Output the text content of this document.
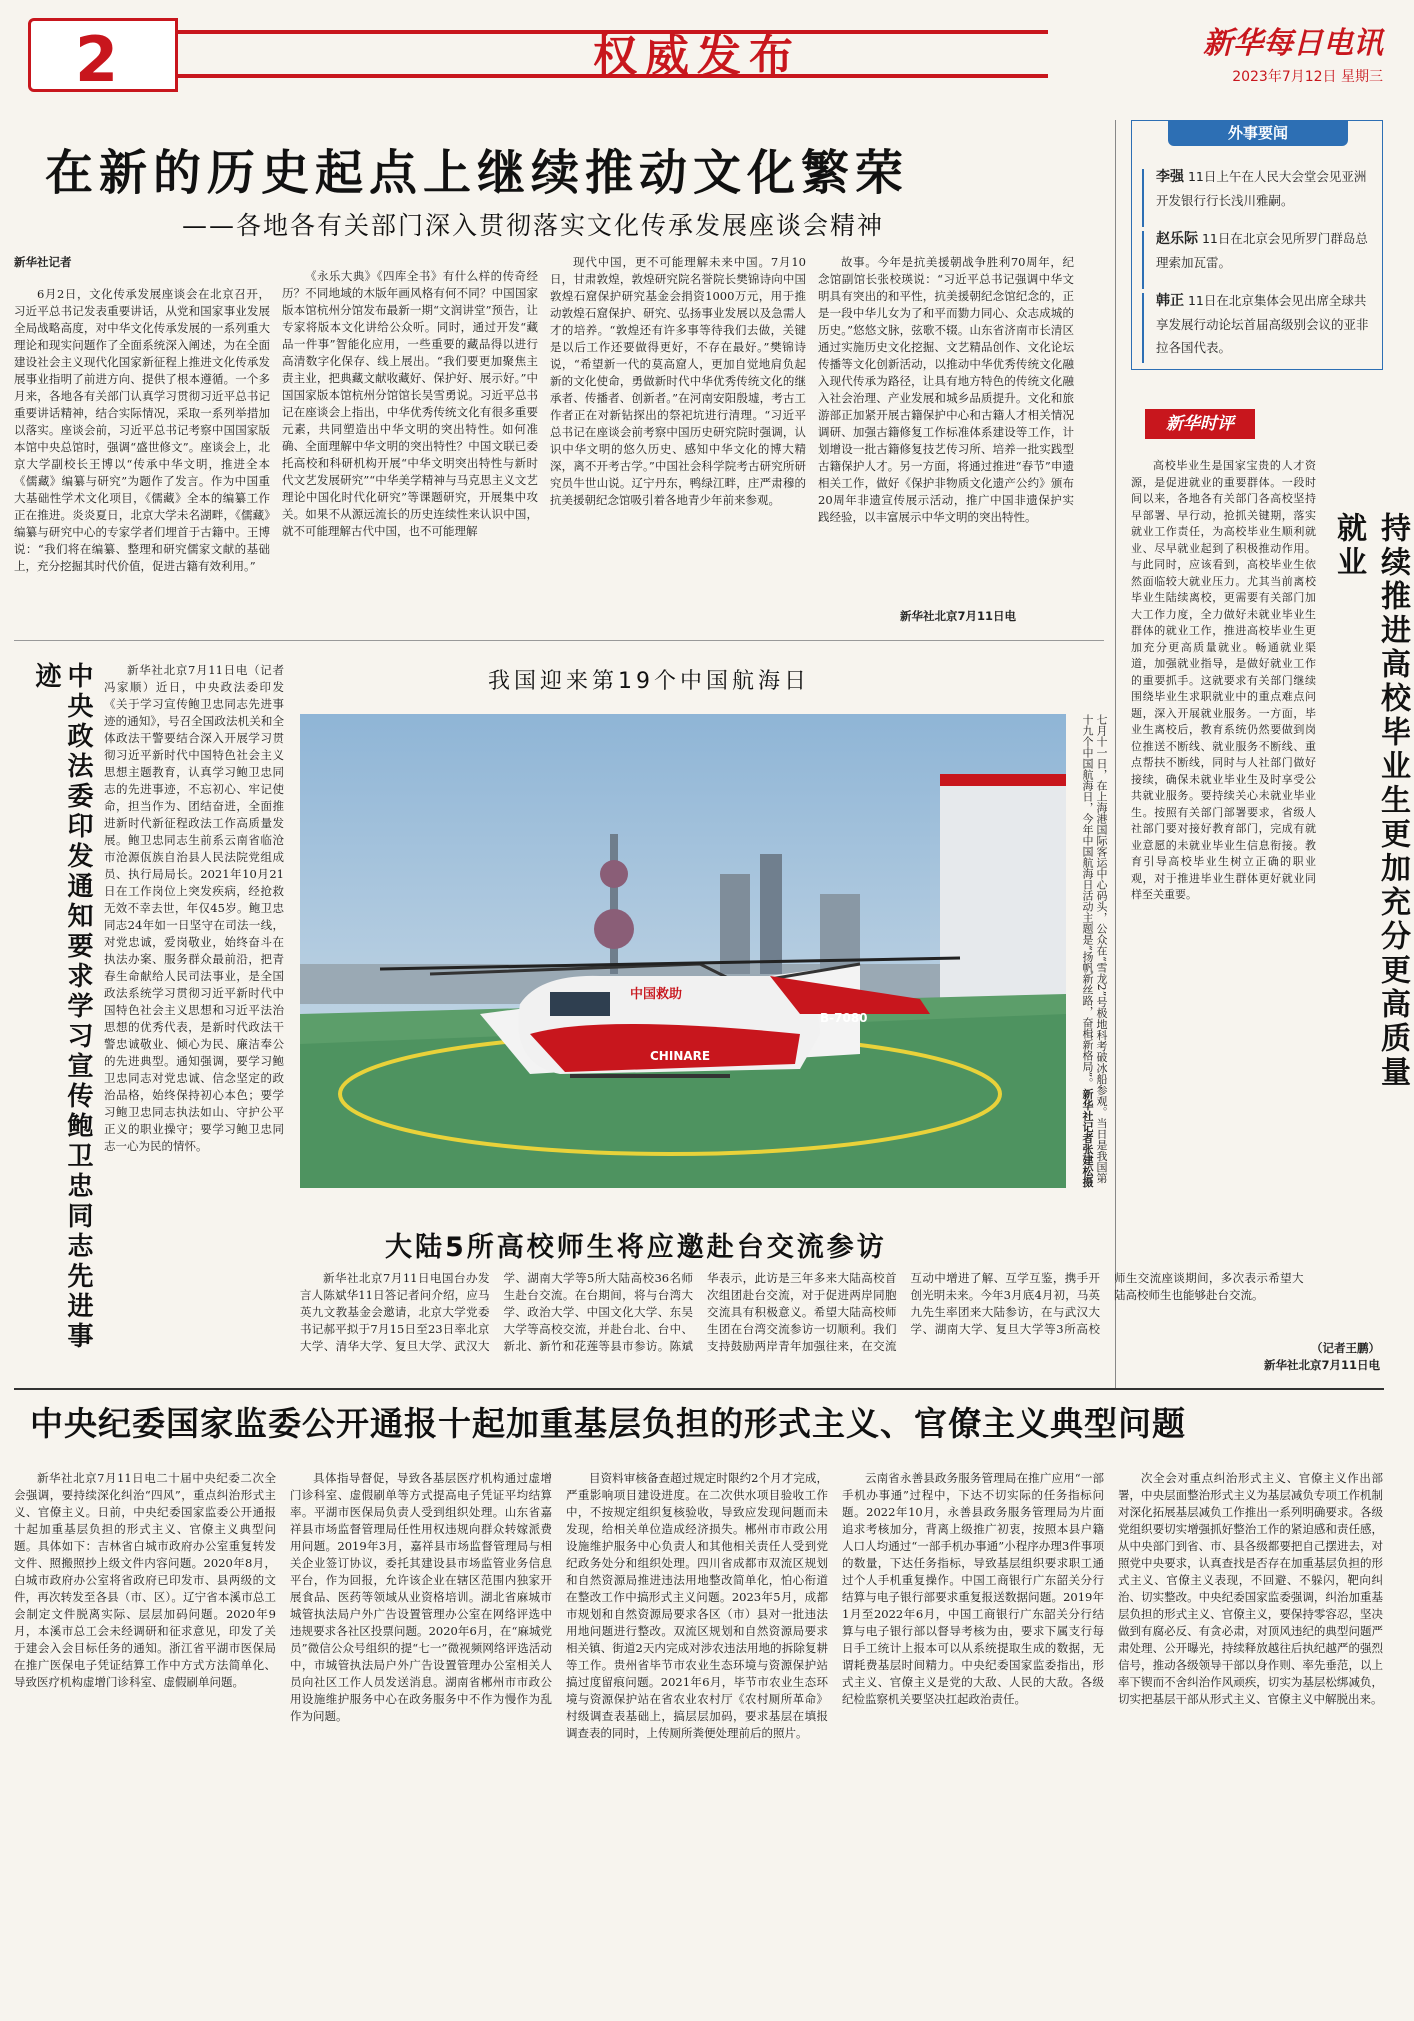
2	权威发布	新华每日电讯
2023年7月12日 星期三
在新的历史起点上继续推动文化繁荣
——各地各有关部门深入贯彻落实文化传承发展座谈会精神
新华社记者

6月2日，文化传承发展座谈会在北京召开，习近平总书记发表重要讲话，从党和国家事业发展全局战略高度，对中华文化传承发展的一系列重大理论和现实问题作了全面系统深入阐述，为在全面建设社会主义现代化国家新征程上推进文化传承发展事业指明了前进方向、提供了根本遵循。一个多月来，各地各有关部门认真学习贯彻习近平总书记重要讲话精神，结合实际情况，采取一系列举措加以落实。座谈会前，习近平总书记考察中国国家版本馆中央总馆时，强调“盛世修文”。座谈会上，北京大学副校长王博以“传承中华文明，推进全本《儒藏》编纂与研究”为题作了发言。作为中国重大基础性学术文化项目，《儒藏》全本的编纂工作正在推进。炎炎夏日，北京大学未名湖畔，《儒藏》编纂与研究中心的专家学者们埋首于古籍中。王博说：“我们将在编纂、整理和研究儒家文献的基础上，充分挖掘其时代价值，促进古籍有效利用。”

《永乐大典》《四库全书》有什么样的传奇经历？不同地域的木版年画风格有何不同？中国国家版本馆杭州分馆发布最新一期“文润讲堂”预告，让专家将版本文化讲给公众听。同时，通过开发“藏品一件事”智能化应用，一些重要的藏品得以进行高清数字化保存、线上展出。“我们要更加聚焦主责主业，把典藏文献收藏好、保护好、展示好。”中国国家版本馆杭州分馆馆长吴雪勇说。习近平总书记在座谈会上指出，中华优秀传统文化有很多重要元素，共同塑造出中华文明的突出特性。如何准确、全面理解中华文明的突出特性？中国文联已委托高校和科研机构开展“中华文明突出特性与新时代文艺发展研究”“中华美学精神与马克思主义文艺理论中国化时代化研究”等课题研究，开展集中攻关。如果不从源远流长的历史连续性来认识中国，就不可能理解古代中国，也不可能理解

现代中国，更不可能理解未来中国。7月10日，甘肃敦煌，敦煌研究院名誉院长樊锦诗向中国敦煌石窟保护研究基金会捐资1000万元，用于推动敦煌石窟保护、研究、弘扬事业发展以及急需人才的培养。“敦煌还有许多事等待我们去做，关键是以后工作还要做得更好，不存在最好。”樊锦诗说，“希望新一代的莫高窟人，更加自觉地肩负起新的文化使命，勇做新时代中华优秀传统文化的继承者、传播者、创新者。”在河南安阳殷墟，考古工作者正在对新钻探出的祭祀坑进行清理。“习近平总书记在座谈会前考察中国历史研究院时强调，认识中华文明的悠久历史、感知中华文化的博大精深，离不开考古学。”中国社会科学院考古研究所研究员牛世山说。辽宁丹东，鸭绿江畔，庄严肃穆的抗美援朝纪念馆吸引着各地青少年前来参观。

故事。今年是抗美援朝战争胜利70周年，纪念馆副馆长张校瑛说：“习近平总书记强调中华文明具有突出的和平性，抗美援朝纪念馆纪念的，正是一段中华儿女为了和平而勠力同心、众志成城的历史。”悠悠文脉，弦歌不辍。山东省济南市长清区通过实施历史文化挖掘、文艺精品创作、文化论坛传播等文化创新活动，以推动中华优秀传统文化融入现代传承为路径，让具有地方特色的传统文化融入社会治理、产业发展和城乡品质提升。文化和旅游部正加紧开展古籍保护中心和古籍人才相关情况调研、加强古籍修复工作标准体系建设等工作，计划增设一批古籍修复技艺传习所、培养一批实践型古籍保护人才。另一方面，将通过推进“春节”申遗相关工作，做好《保护非物质文化遗产公约》颁布20周年非遗宣传展示活动，推广中国非遗保护实践经验，以丰富展示中华文明的突出特性。

新华社北京7月11日电
外事要闻
李强 11日上午在人民大会堂会见亚洲开发银行行长浅川雅嗣。
赵乐际 11日在北京会见所罗门群岛总理索加瓦雷。
韩正 11日在北京集体会见出席全球共享发展行动论坛首届高级别会议的亚非拉各国代表。
新华时评
持续推进高校毕业生更加充分更高质量就业

高校毕业生是国家宝贵的人才资源，是促进就业的重要群体。一段时间以来，各地各有关部门各高校坚持早部署、早行动，抢抓关键期，落实就业工作责任，为高校毕业生顺利就业、尽早就业起到了积极推动作用。与此同时，应该看到，高校毕业生依然面临较大就业压力。尤其当前离校毕业生陆续离校，更需要有关部门加大工作力度，全力做好未就业毕业生群体的就业工作，推进高校毕业生更加充分更高质量就业。畅通就业渠道，加强就业指导，是做好就业工作的重要抓手。这就要求有关部门继续围绕毕业生求职就业中的重点难点问题，深入开展就业服务。一方面，毕业生离校后，教育系统仍然要做到岗位推送不断线、就业服务不断线、重点帮扶不断线，同时与人社部门做好接续，确保未就业毕业生及时享受公共就业服务。要持续关心未就业毕业生。按照有关部门部署要求，省级人社部门要对接好教育部门，完成有就业意愿的未就业毕业生信息衔接。教育引导高校毕业生树立正确的职业观，对于推进毕业生群体更好就业同样至关重要。

（记者王鹏）
新华社北京7月11日电
中央政法委印发通知要求学习宣传鲍卫忠同志先进事迹	新华社北京7月11日电（记者冯家顺）近日，中央政法委印发《关于学习宣传鲍卫忠同志先进事迹的通知》，号召全国政法机关和全体政法干警要结合深入开展学习贯彻习近平新时代中国特色社会主义思想主题教育，认真学习鲍卫忠同志的先进事迹，不忘初心、牢记使命，担当作为、团结奋进，全面推进新时代新征程政法工作高质量发展。鲍卫忠同志生前系云南省临沧市沧源佤族自治县人民法院党组成员、执行局局长。2021年10月21日在工作岗位上突发疾病，经抢救无效不幸去世，年仅45岁。鲍卫忠同志24年如一日坚守在司法一线，对党忠诚，爱岗敬业，始终奋斗在执法办案、服务群众最前沿，把青春生命献给人民司法事业，是全国政法系统学习贯彻习近平新时代中国特色社会主义思想和习近平法治思想的优秀代表，是新时代政法干警忠诚敬业、倾心为民、廉洁奉公的先进典型。通知强调，要学习鲍卫忠同志对党忠诚、信念坚定的政治品格，始终保持初心本色；要学习鲍卫忠同志执法如山、守护公平正义的职业操守；要学习鲍卫忠同志一心为民的情怀。

我国迎来第19个中国航海日
中国救助
B-7080
CHINARE	七月十一日，在上海港国际客运中心码头，公众在“雪龙2”号极地科考破冰船参观。当日是我国第十九个中国航海日，今年中国航海日活动主题是“扬帆新丝路，奋楫新格局”。新华社记者张建松摄
大陆5所高校师生将应邀赴台交流参访

新华社北京7月11日电国台办发言人陈斌华11日答记者问介绍，应马英九文教基金会邀请，北京大学党委书记郝平拟于7月15日至23日率北京大学、清华大学、复旦大学、武汉大学、湖南大学等5所大陆高校36名师生赴台交流。在台期间，将与台湾大学、政治大学、中国文化大学、东吴大学等高校交流，并赴台北、台中、新北、新竹和花莲等县市参访。陈斌华表示，此访是三年多来大陆高校首次组团赴台交流，对于促进两岸同胞交流具有积极意义。希望大陆高校师生团在台湾交流参访一切顺利。我们支持鼓励两岸青年加强往来，在交流互动中增进了解、互学互鉴，携手开创光明未来。今年3月底4月初，马英九先生率团来大陆参访，在与武汉大学、湖南大学、复旦大学等3所高校师生交流座谈期间，多次表示希望大陆高校师生也能够赴台交流。

中央纪委国家监委公开通报十起加重基层负担的形式主义、官僚主义典型问题

新华社北京7月11日电二十届中央纪委二次全会强调，要持续深化纠治“四风”，重点纠治形式主义、官僚主义。日前，中央纪委国家监委公开通报十起加重基层负担的形式主义、官僚主义典型问题。具体如下：吉林省白城市政府办公室重复转发文件、照搬照抄上级文件内容问题。2020年8月，白城市政府办公室将省政府已印发市、县两级的文件，再次转发至各县（市、区）。辽宁省本溪市总工会制定文件脱离实际、层层加码问题。2020年9月，本溪市总工会未经调研和征求意见，印发了关于建会入会目标任务的通知。浙江省平湖市医保局在推广医保电子凭证结算工作中方式方法简单化、导致医疗机构虚增门诊科室、虚假刷单问题。

具体指导督促，导致各基层医疗机构通过虚增门诊科室、虚假刷单等方式提高电子凭证平均结算率。平湖市医保局负责人受到组织处理。山东省嘉祥县市场监督管理局任性用权违规向群众转嫁派费用问题。2019年3月，嘉祥县市场监督管理局与相关企业签订协议，委托其建设县市场监管业务信息平台，作为回报，允许该企业在辖区范围内独家开展食品、医药等领域从业资格培训。湖北省麻城市城管执法局户外广告设置管理办公室在网络评选中违规要求各社区投票问题。2020年6月，在“麻城党员”微信公众号组织的提“七一”微视频网络评选活动中，市城管执法局户外广告设置管理办公室相关人员向社区工作人员发送消息。湖南省郴州市市政公用设施维护服务中心在政务服务中不作为慢作为乱作为问题。

目资料审核备查超过规定时限约2个月才完成，严重影响项目建设进度。在二次供水项目验收工作中，不按规定组织复核验收，导致应发现问题而未发现，给相关单位造成经济损失。郴州市市政公用设施维护服务中心负责人和其他相关责任人受到党纪政务处分和组织处理。四川省成都市双流区规划和自然资源局推进违法用地整改简单化，怕心衔道在整改工作中搞形式主义问题。2023年5月，成都市规划和自然资源局要求各区（市）县对一批违法用地问题进行整改。双流区规划和自然资源局要求相关镇、街道2天内完成对涉农违法用地的拆除复耕等工作。贵州省毕节市农业生态环境与资源保护站搞过度留痕问题。2021年6月，毕节市农业生态环境与资源保护站在省农业农村厅《农村厕所革命》村级调查表基础上，搞层层加码，要求基层在填报调查表的同时，上传厕所粪便处理前后的照片。

云南省永善县政务服务管理局在推广应用“一部手机办事通”过程中，下达不切实际的任务指标问题。2022年10月，永善县政务服务管理局为片面追求考核加分，背离上级推广初衷，按照本县户籍人口人均通过“一部手机办事通”小程序办理3件事项的数量，下达任务指标，导致基层组织要求职工通过个人手机重复操作。中国工商银行广东韶关分行结算与电子银行部要求重复报送数据问题。2019年1月至2022年6月，中国工商银行广东韶关分行结算与电子银行部以督导考核为由，要求下属支行每日手工统计上报本可以从系统提取生成的数据，无谓耗费基层时间精力。中央纪委国家监委指出，形式主义、官僚主义是党的大敌、人民的大敌。各级纪检监察机关要坚决扛起政治责任。

次全会对重点纠治形式主义、官僚主义作出部署，中央层面整治形式主义为基层减负专项工作机制对深化拓展基层减负工作推出一系列明确要求。各级党组织要切实增强抓好整治工作的紧迫感和责任感，从中央部门到省、市、县各级都要把自己摆进去，对照党中央要求，认真查找是否存在加重基层负担的形式主义、官僚主义表现，不回避、不躲闪，靶向纠治、切实整改。中央纪委国家监委强调，纠治加重基层负担的形式主义、官僚主义，要保持零容忍，坚决做到有腐必反、有贪必肃，对顶风违纪的典型问题严肃处理、公开曝光，持续释放越往后执纪越严的强烈信号，推动各级领导干部以身作则、率先垂范，以上率下锲而不舍纠治作风顽疾，切实为基层松绑减负，切实把基层干部从形式主义、官僚主义中解脱出来。
